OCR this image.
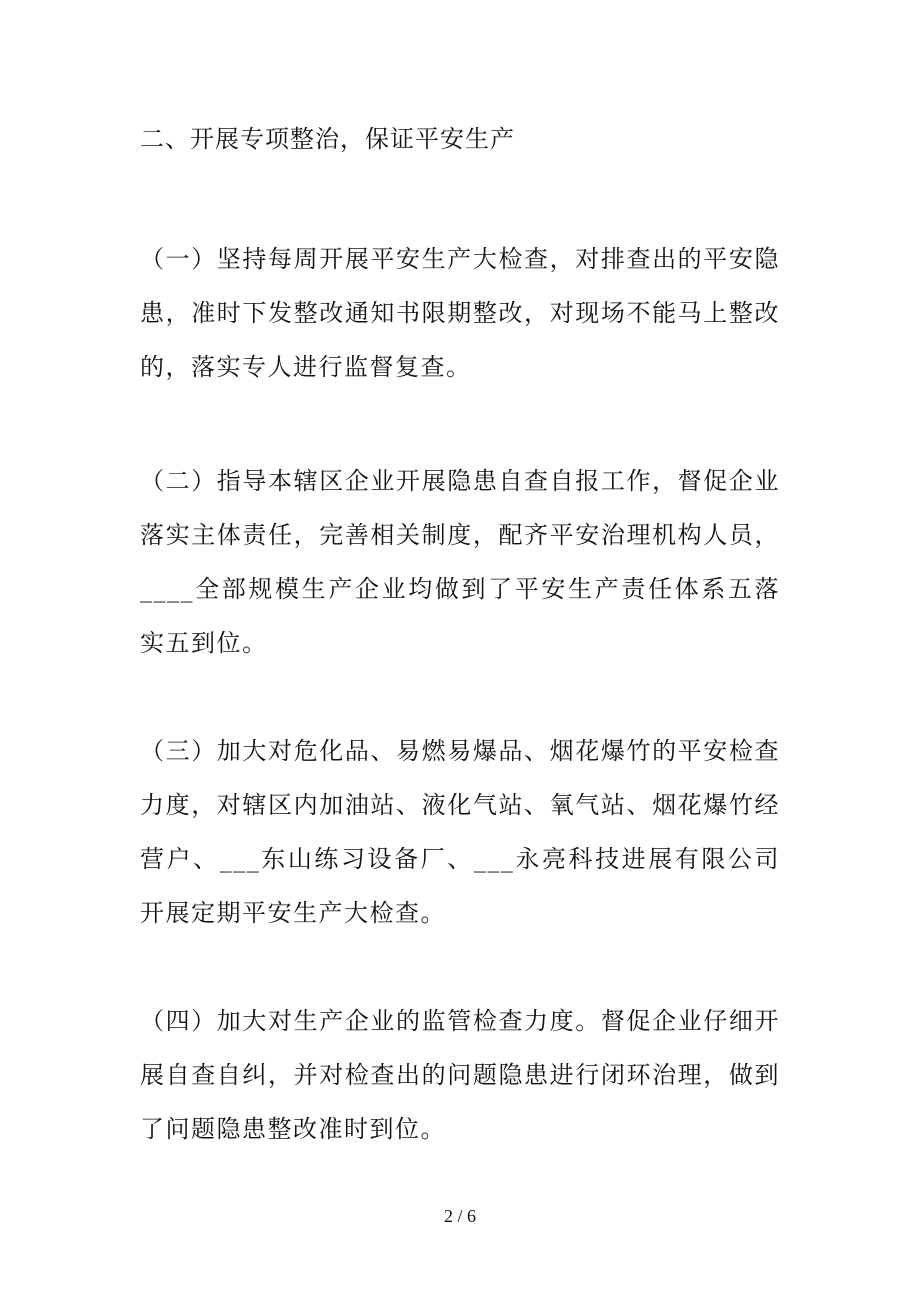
二、开展专项整治，保证平安生产

（一）坚持每周开展平安生产大检查，对排查出的平安隐患，准时下发整改通知书限期整改，对现场不能马上整改的，落实专人进行监督复查。

（二）指导本辖区企业开展隐患自查自报工作，督促企业落实主体责任，完善相关制度，配齐平安治理机构人员，____全部规模生产企业均做到了平安生产责任体系五落实五到位。

（三）加大对危化品、易燃易爆品、烟花爆竹的平安检查力度，对辖区内加油站、液化气站、氧气站、烟花爆竹经营户、___东山练习设备厂、___永亮科技进展有限公司开展定期平安生产大检查。

（四）加大对生产企业的监管检查力度。督促企业仔细开展自查自纠，并对检查出的问题隐患进行闭环治理，做到了问题隐患整改准时到位。

2 / 6
